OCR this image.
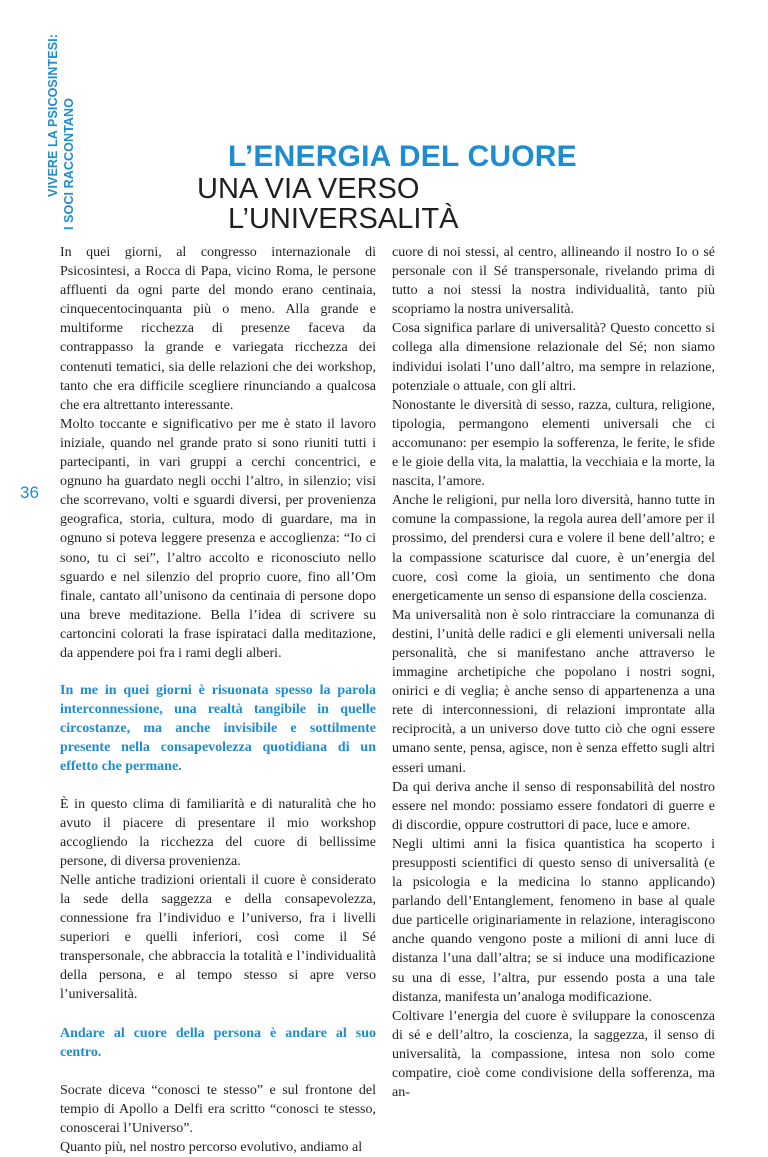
VIVERE LA PSICOSINTESI: I SOCI RACCONTANO	L’ENERGIA DEL CUORE
UNA VIA VERSO
L’UNIVERSALITÀ
36

In quei giorni, al congresso internazionale di Psicosintesi, a Rocca di Papa, vicino Roma, le persone affluenti da ogni parte del mondo erano centinaia, cinquecentocinquanta più o meno. Alla grande e multiforme ricchezza di presenze faceva da contrappasso la grande e variegata ricchezza dei contenuti tematici, sia delle relazioni che dei workshop, tanto che era difficile scegliere rinunciando a qualcosa che era altrettanto interessante.

Molto toccante e significativo per me è stato il lavoro iniziale, quando nel grande prato si sono riuniti tutti i partecipanti, in vari gruppi a cerchi concentrici, e ognuno ha guardato negli occhi l’altro, in silenzio; visi che scorrevano, volti e sguardi diversi, per provenienza geografica, storia, cultura, modo di guardare, ma in ognuno si poteva leggere presenza e accoglienza: “Io ci sono, tu ci sei”, l’altro accolto e riconosciuto nello sguardo e nel silenzio del proprio cuore, fino all’Om finale, cantato all’unisono da centinaia di persone dopo una breve meditazione. Bella l’idea di scrivere su cartoncini colorati la frase ispirataci dalla meditazione, da appendere poi fra i rami degli alberi.

In me in quei giorni è risuonata spesso la parola interconnessione, una realtà tangibile in quelle circostanze, ma anche invisibile e sottilmente presente nella consapevolezza quotidiana di un effetto che permane.

È in questo clima di familiarità e di naturalità che ho avuto il piacere di presentare il mio workshop accogliendo la ricchezza del cuore di bellissime persone, di diversa provenienza.

Nelle antiche tradizioni orientali il cuore è considerato la sede della saggezza e della consapevolezza, connessione fra l’individuo e l’universo, fra i livelli superiori e quelli inferiori, così come il Sé transpersonale, che abbraccia la totalità e l’individualità della persona, e al tempo stesso si apre verso l’universalità.

Andare al cuore della persona è andare al suo centro.

Socrate diceva “conosci te stesso” e sul frontone del tempio di Apollo a Delfi era scritto “conosci te stesso, conoscerai l’Universo”.

Quanto più, nel nostro percorso evolutivo, andiamo al

cuore di noi stessi, al centro, allineando il nostro Io o sé personale con il Sé transpersonale, rivelando prima di tutto a noi stessi la nostra individualità, tanto più scopriamo la nostra universalità.

Cosa significa parlare di universalità? Questo concetto si collega alla dimensione relazionale del Sé; non siamo individui isolati l’uno dall’altro, ma sempre in relazione, potenziale o attuale, con gli altri.

Nonostante le diversità di sesso, razza, cultura, religione, tipologia, permangono elementi universali che ci accomunano: per esempio la sofferenza, le ferite, le sfide e le gioie della vita, la malattia, la vecchiaia e la morte, la nascita, l’amore.

Anche le religioni, pur nella loro diversità, hanno tutte in comune la compassione, la regola aurea dell’amore per il prossimo, del prendersi cura e volere il bene dell’altro; e la compassione scaturisce dal cuore, è un’energia del cuore, così come la gioia, un sentimento che dona energeticamente un senso di espansione della coscienza.

Ma universalità non è solo rintracciare la comunanza di destini, l’unità delle radici e gli elementi universali nella personalità, che si manifestano anche attraverso le immagine archetipiche che popolano i nostri sogni, onirici e di veglia; è anche senso di appartenenza a una rete di interconnessioni, di relazioni improntate alla reciprocità, a un universo dove tutto ciò che ogni essere umano sente, pensa, agisce, non è senza effetto sugli altri esseri umani.

Da qui deriva anche il senso di responsabilità del nostro essere nel mondo: possiamo essere fondatori di guerre e di discordie, oppure costruttori di pace, luce e amore.

Negli ultimi anni la fisica quantistica ha scoperto i presupposti scientifici di questo senso di universalità (e la psicologia e la medicina lo stanno applicando) parlando dell’Entanglement, fenomeno in base al quale due particelle originariamente in relazione, interagiscono anche quando vengono poste a milioni di anni luce di distanza l’una dall’altra; se si induce una modificazione su una di esse, l’altra, pur essendo posta a una tale distanza, manifesta un’analoga modificazione.

Coltivare l’energia del cuore è sviluppare la conoscenza di sé e dell’altro, la coscienza, la saggezza, il senso di universalità, la compassione, intesa non solo come compatire, cioè come condivisione della sofferenza, ma an-
